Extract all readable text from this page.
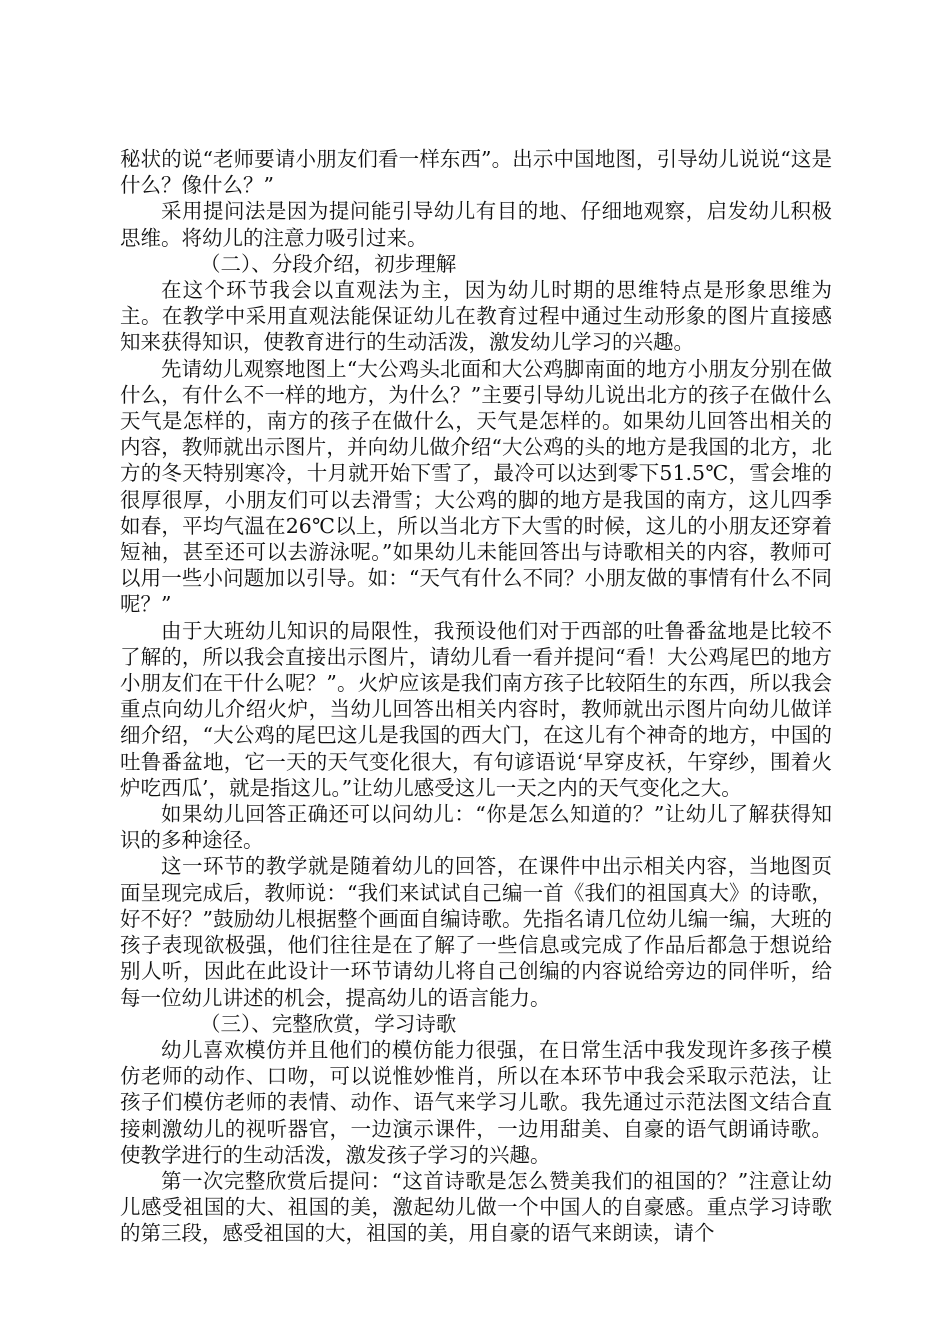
秘状的说“老师要请小朋友们看一样东西”。出示中国地图，引导幼儿说说“这是什么？像什么？”

采用提问法是因为提问能引导幼儿有目的地、仔细地观察，启发幼儿积极思维。将幼儿的注意力吸引过来。

（二）、分段介绍，初步理解

在这个环节我会以直观法为主，因为幼儿时期的思维特点是形象思维为主。在教学中采用直观法能保证幼儿在教育过程中通过生动形象的图片直接感知来获得知识，使教育进行的生动活泼，激发幼儿学习的兴趣。

先请幼儿观察地图上“大公鸡头北面和大公鸡脚南面的地方小朋友分别在做什么，有什么不一样的地方，为什么？”主要引导幼儿说出北方的孩子在做什么天气是怎样的，南方的孩子在做什么，天气是怎样的。如果幼儿回答出相关的内容，教师就出示图片，并向幼儿做介绍“大公鸡的头的地方是我国的北方，北方的冬天特别寒冷，十月就开始下雪了，最冷可以达到零下51.5℃，雪会堆的很厚很厚，小朋友们可以去滑雪；大公鸡的脚的地方是我国的南方，这儿四季如春，平均气温在26℃以上，所以当北方下大雪的时候，这儿的小朋友还穿着短袖，甚至还可以去游泳呢。”如果幼儿未能回答出与诗歌相关的内容，教师可以用一些小问题加以引导。如：“天气有什么不同？小朋友做的事情有什么不同呢？”

由于大班幼儿知识的局限性，我预设他们对于西部的吐鲁番盆地是比较不了解的，所以我会直接出示图片，请幼儿看一看并提问“看！大公鸡尾巴的地方小朋友们在干什么呢？”。火炉应该是我们南方孩子比较陌生的东西，所以我会重点向幼儿介绍火炉，当幼儿回答出相关内容时，教师就出示图片向幼儿做详细介绍，“大公鸡的尾巴这儿是我国的西大门，在这儿有个神奇的地方，中国的吐鲁番盆地，它一天的天气变化很大，有句谚语说‘早穿皮袄，午穿纱，围着火炉吃西瓜’，就是指这儿。”让幼儿感受这儿一天之内的天气变化之大。

如果幼儿回答正确还可以问幼儿：“你是怎么知道的？”让幼儿了解获得知识的多种途径。

这一环节的教学就是随着幼儿的回答，在课件中出示相关内容，当地图页面呈现完成后，教师说：“我们来试试自己编一首《我们的祖国真大》的诗歌，好不好？”鼓励幼儿根据整个画面自编诗歌。先指名请几位幼儿编一编，大班的孩子表现欲极强，他们往往是在了解了一些信息或完成了作品后都急于想说给别人听，因此在此设计一环节请幼儿将自己创编的内容说给旁边的同伴听，给每一位幼儿讲述的机会，提高幼儿的语言能力。

（三）、完整欣赏，学习诗歌

幼儿喜欢模仿并且他们的模仿能力很强，在日常生活中我发现许多孩子模仿老师的动作、口吻，可以说惟妙惟肖，所以在本环节中我会采取示范法，让孩子们模仿老师的表情、动作、语气来学习儿歌。我先通过示范法图文结合直接刺激幼儿的视听器官，一边演示课件，一边用甜美、自豪的语气朗诵诗歌。使教学进行的生动活泼，激发孩子学习的兴趣。

第一次完整欣赏后提问：“这首诗歌是怎么赞美我们的祖国的？”注意让幼儿感受祖国的大、祖国的美，激起幼儿做一个中国人的自豪感。重点学习诗歌的第三段，感受祖国的大，祖国的美，用自豪的语气来朗读，请个
